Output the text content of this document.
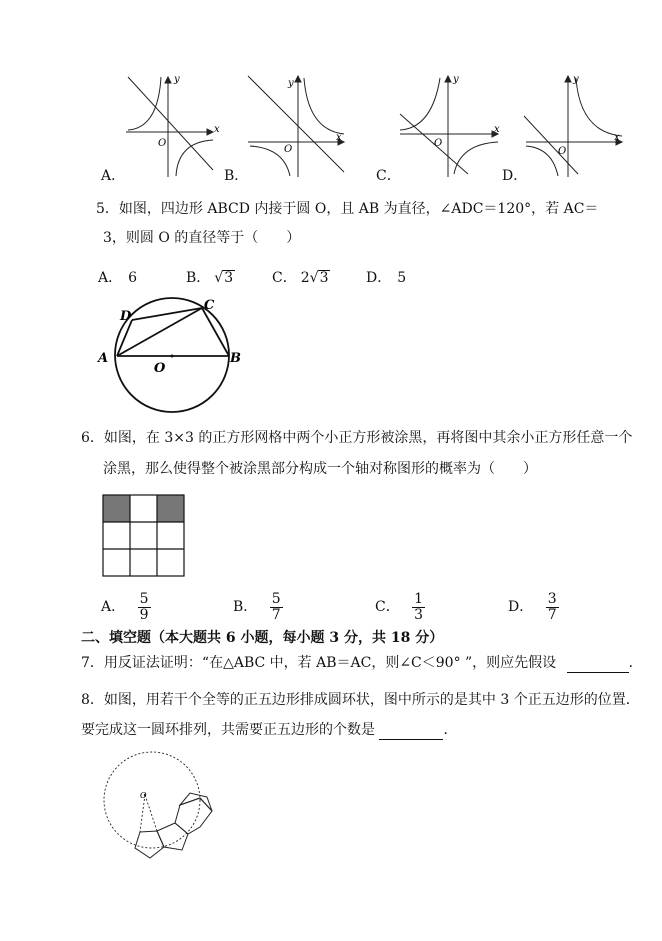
y
x
O
y
x
O
y
x
O
y
x
O
A．	B．	C．	D．
5．如图，四边形 ABCD 内接于圆 O，且 AB 为直径，∠ADC＝120°，若 AC＝
3，则圆 O 的直径等于（　　）
A． 6	B． √3	C． 2√3	D． 5
A	B
C
D
O
6．如图，在 3×3 的正方形网格中两个小正方形被涂黑，再将图中其余小正方形任意一个
涂黑，那么使得整个被涂黑部分构成一个轴对称图形的概率为（　　）
A． $\frac{5}{9}$	B． $\frac{5}{7}$	C． $\frac{1}{3}$	D． $\frac{3}{7}$
二、填空题（本大题共 6 小题，每小题 3 分，共 18 分）
7．用反证法证明：“在△ABC 中，若 AB＝AC，则∠C＜90° ”，则应先假设	．
8．如图，用若干个全等的正五边形排成圆环状，图中所示的是其中 3 个正五边形的位置．
要完成这一圆环排列，共需要正五边形的个数是	．
O
